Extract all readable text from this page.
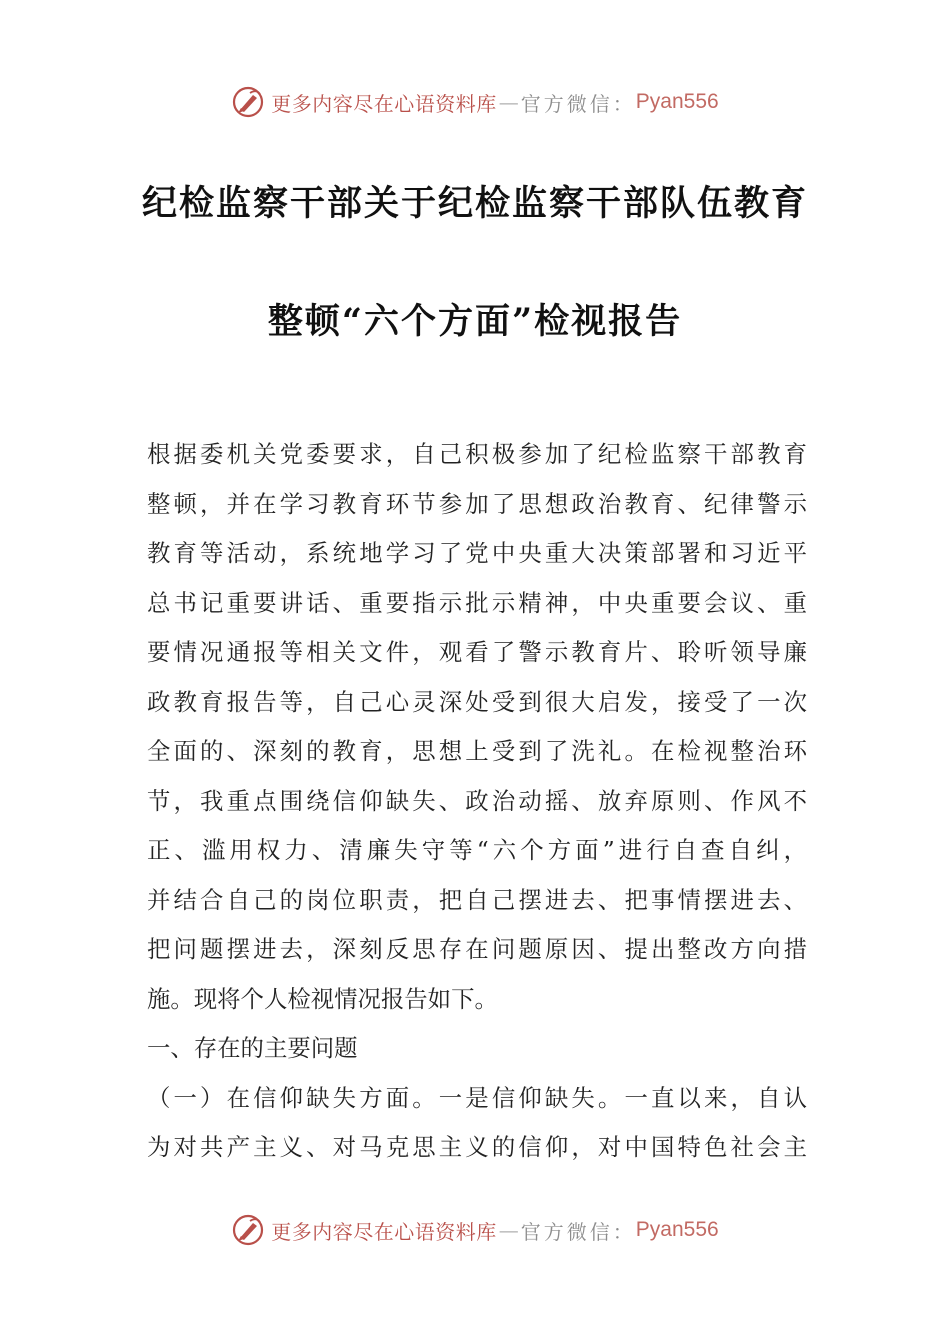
更多内容尽在心语资料库 — 官方微信： Pyan556
纪检监察干部关于纪检监察干部队伍教育
整顿“六个方面”检视报告
根据委机关党委要求，自己积极参加了纪检监察干部教育
整顿，并在学习教育环节参加了思想政治教育、纪律警示
教育等活动，系统地学习了党中央重大决策部署和习近平
总书记重要讲话、重要指示批示精神，中央重要会议、重
要情况通报等相关文件，观看了警示教育片、聆听领导廉
政教育报告等，自己心灵深处受到很大启发，接受了一次
全面的、深刻的教育，思想上受到了洗礼。在检视整治环
节，我重点围绕信仰缺失、政治动摇、放弃原则、作风不
正、滥用权力、清廉失守等“六个方面”进行自查自纠，
并结合自己的岗位职责，把自己摆进去、把事情摆进去、
把问题摆进去，深刻反思存在问题原因、提出整改方向措
施。现将个人检视情况报告如下。
一、存在的主要问题
（一）在信仰缺失方面。一是信仰缺失。一直以来，自认
为对共产主义、对马克思主义的信仰，对中国特色社会主
更多内容尽在心语资料库 — 官方微信： Pyan556
